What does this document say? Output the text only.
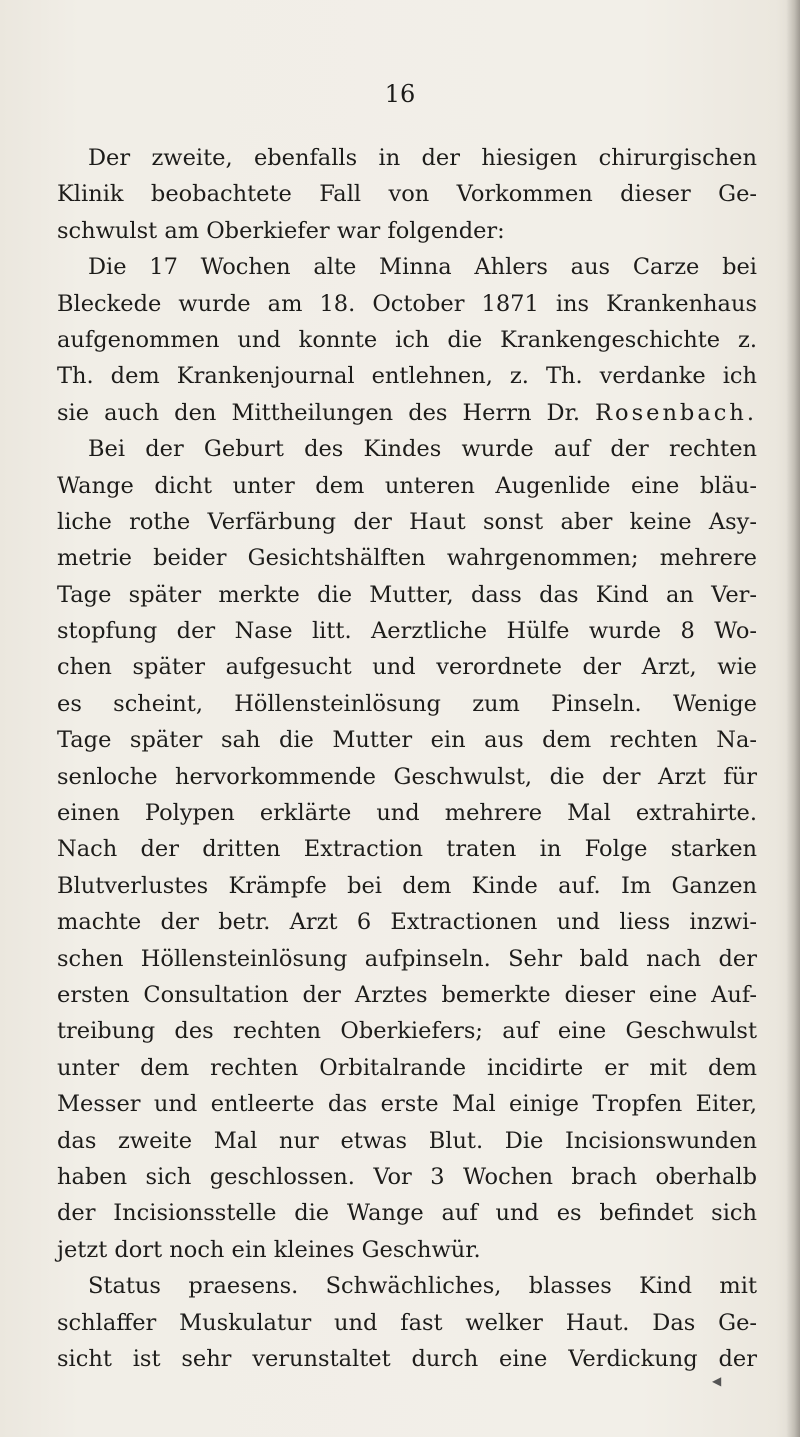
16
Der zweite, ebenfalls in der hiesigen chirurgischen
Klinik beobachtete Fall von Vorkommen dieser Ge-
schwulst am Oberkiefer war folgender:
Die 17 Wochen alte Minna Ahlers aus Carze bei
Bleckede wurde am 18. October 1871 ins Krankenhaus
aufgenommen und konnte ich die Krankengeschichte z.
Th. dem Krankenjournal entlehnen, z. Th. verdanke ich
sie auch den Mittheilungen des Herrn Dr. Rosenbach.
Bei der Geburt des Kindes wurde auf der rechten
Wange dicht unter dem unteren Augenlide eine bläu-
liche rothe Verfärbung der Haut sonst aber keine Asy-
metrie beider Gesichtshälften wahrgenommen; mehrere
Tage später merkte die Mutter, dass das Kind an Ver-
stopfung der Nase litt. Aerztliche Hülfe wurde 8 Wo-
chen später aufgesucht und verordnete der Arzt, wie
es scheint, Höllensteinlösung zum Pinseln. Wenige
Tage später sah die Mutter ein aus dem rechten Na-
senloche hervorkommende Geschwulst, die der Arzt für
einen Polypen erklärte und mehrere Mal extrahirte.
Nach der dritten Extraction traten in Folge starken
Blutverlustes Krämpfe bei dem Kinde auf. Im Ganzen
machte der betr. Arzt 6 Extractionen und liess inzwi-
schen Höllensteinlösung aufpinseln. Sehr bald nach der
ersten Consultation der Arztes bemerkte dieser eine Auf-
treibung des rechten Oberkiefers; auf eine Geschwulst
unter dem rechten Orbitalrande incidirte er mit dem
Messer und entleerte das erste Mal einige Tropfen Eiter,
das zweite Mal nur etwas Blut. Die Incisionswunden
haben sich geschlossen. Vor 3 Wochen brach oberhalb
der Incisionsstelle die Wange auf und es befindet sich
jetzt dort noch ein kleines Geschwür.
Status praesens. Schwächliches, blasses Kind mit
schlaffer Muskulatur und fast welker Haut. Das Ge-
sicht ist sehr verunstaltet durch eine Verdickung der
◀
